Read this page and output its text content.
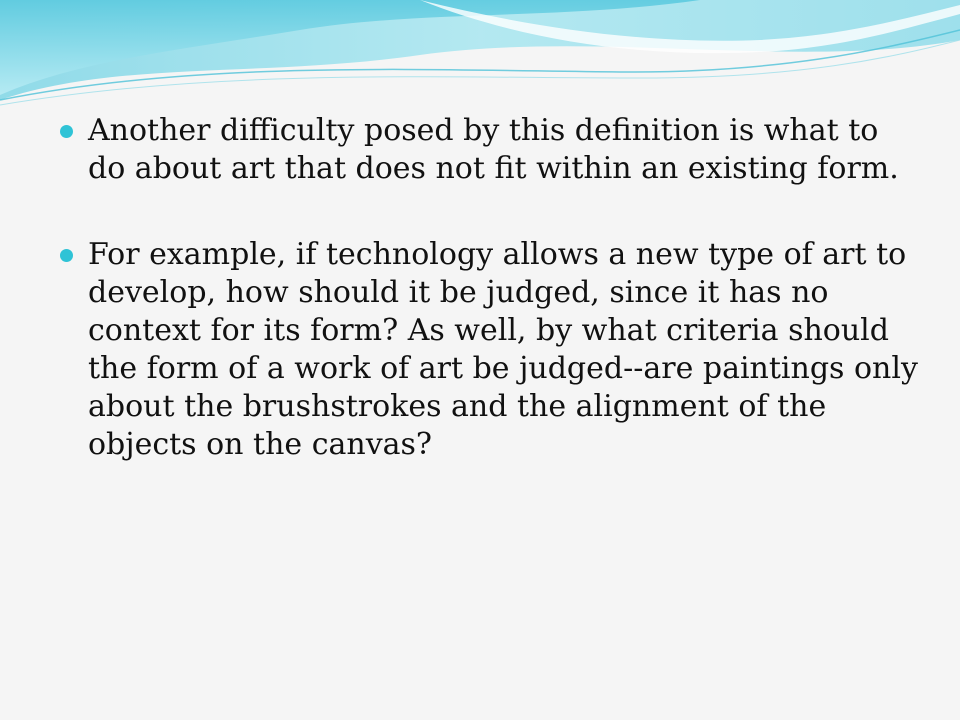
Another difficulty posed by this definition is what to do about art that does not fit within an existing form.
For example, if technology allows a new type of art to develop, how should it be judged, since it has no context for its form? As well, by what criteria should the form of a work of art be judged--are paintings only about the brushstrokes and the alignment of the objects on the canvas?
